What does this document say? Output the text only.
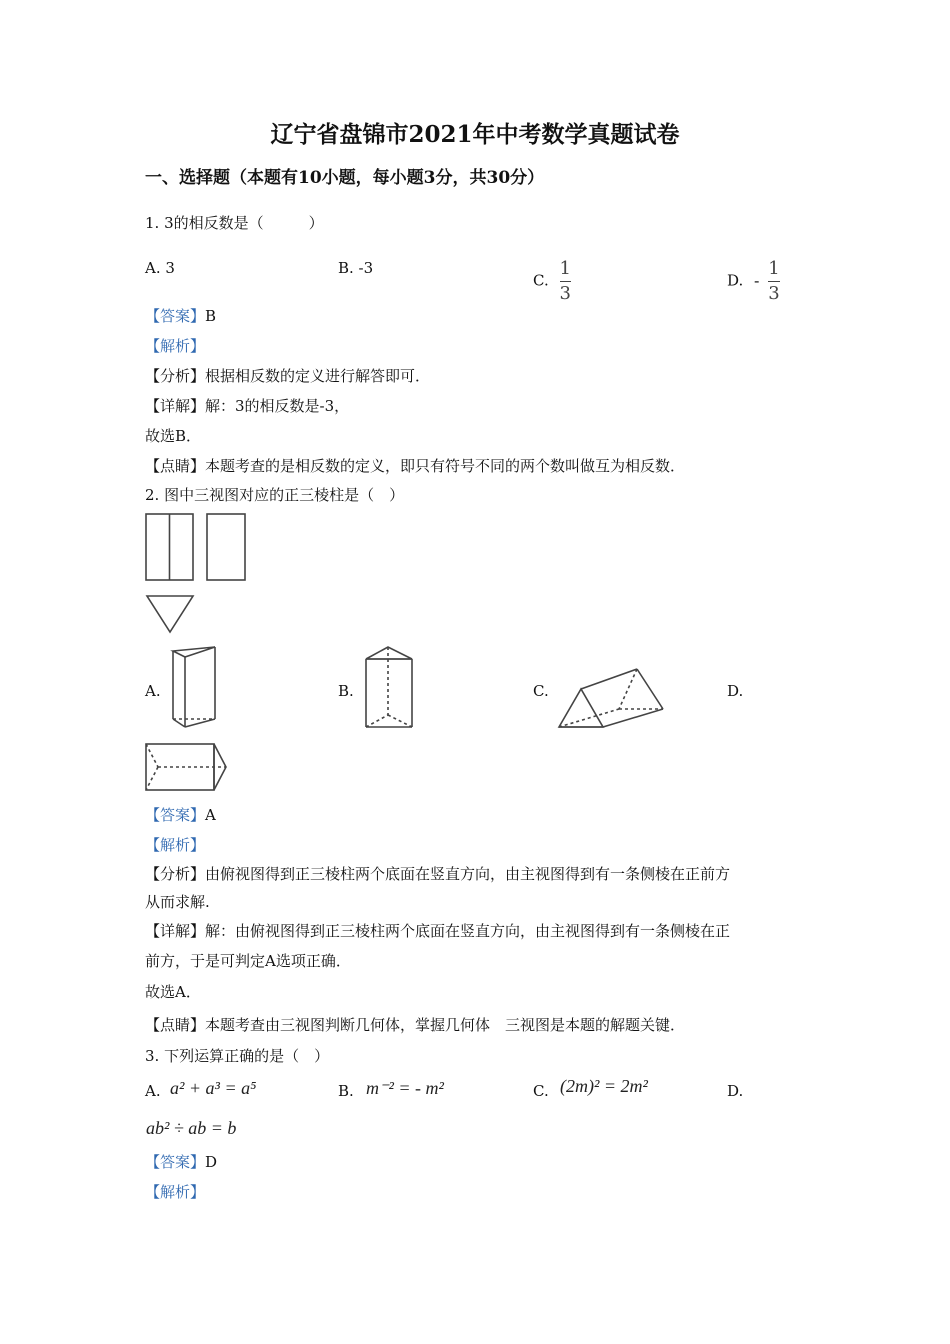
辽宁省盘锦市2021年中考数学真题试卷
一、选择题（本题有10小题，每小题3分，共30分）
1. 3的相反数是（　　　）
A. 3	B. -3
C. $\frac{1}{3}$	D. - $\frac{1}{3}$
【答案】B
【解析】
【分析】根据相反数的定义进行解答即可．
【详解】解：3的相反数是-3，
故选B．
【点睛】本题考查的是相反数的定义，即只有符号不同的两个数叫做互为相反数．
2. 图中三视图对应的正三棱柱是（　）
A.	B.	C.	D.
【答案】A
【解析】
【分析】由俯视图得到正三棱柱两个底面在竖直方向，由主视图得到有一条侧棱在正前方
从而求解.
【详解】解：由俯视图得到正三棱柱两个底面在竖直方向，由主视图得到有一条侧棱在正
前方，于是可判定A选项正确．
故选A．
【点睛】本题考查由三视图判断几何体，掌握几何体　三视图是本题的解题关键．
3. 下列运算正确的是（　）
A. a² + a³ = a⁵	B. m⁻² = - m²	C. (2m)² = 2m²	D.
ab² ÷ ab = b
【答案】D
【解析】
